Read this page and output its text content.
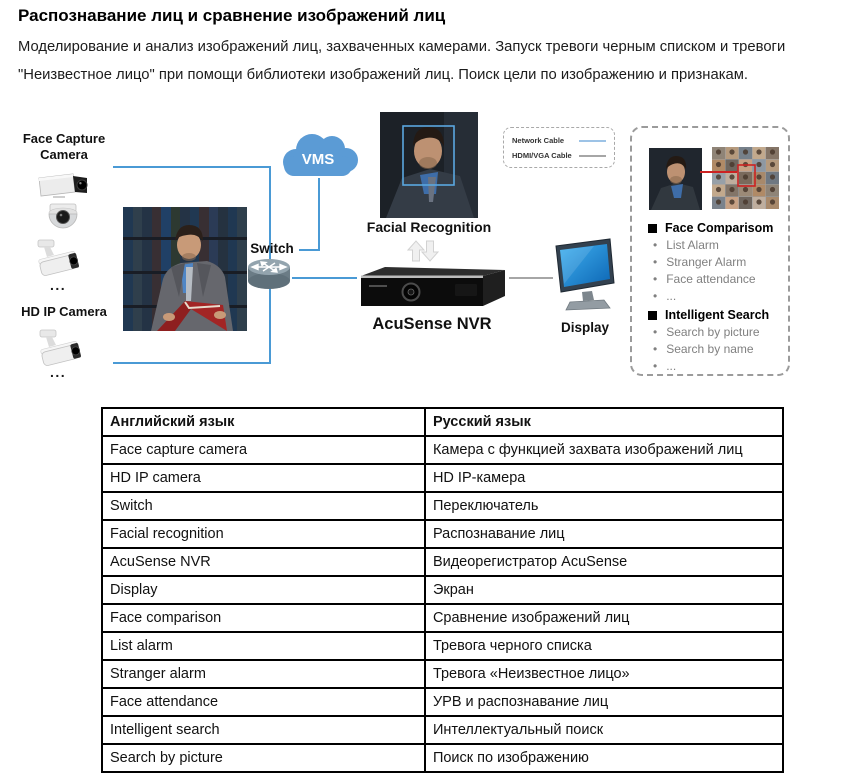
Распознавание лиц и сравнение изображений лиц
Моделирование и анализ изображений лиц, захваченных камерами. Запуск тревоги черным списком и тревоги "Неизвестное лицо" при помощи библиотеки изображений лиц. Поиск цели по изображению и признакам.
Face Capture
Camera
...
HD IP Camera
...
Switch
VMS
Facial Recognition
AcuSense NVR	Display
Network Cable
HDMI/VGA Cable
Face Comparisom
• List Alarm
• Stranger Alarm
• Face attendance
• ...
Intelligent Search
• Search by picture
• Search by name
• ...
Английский язык	Русский язык
Face capture camera	Камера с функцией захвата изображений лиц
HD IP camera	HD IP-камера
Switch	Переключатель
Facial recognition	Распознавание лиц
AcuSense NVR	Видеорегистратор AcuSense
Display	Экран
Face comparison	Сравнение изображений лиц
List alarm	Тревога черного списка
Stranger alarm	Тревога «Неизвестное лицо»
Face attendance	УРВ и распознавание лиц
Intelligent search	Интеллектуальный поиск
Search by picture	Поиск по изображению
